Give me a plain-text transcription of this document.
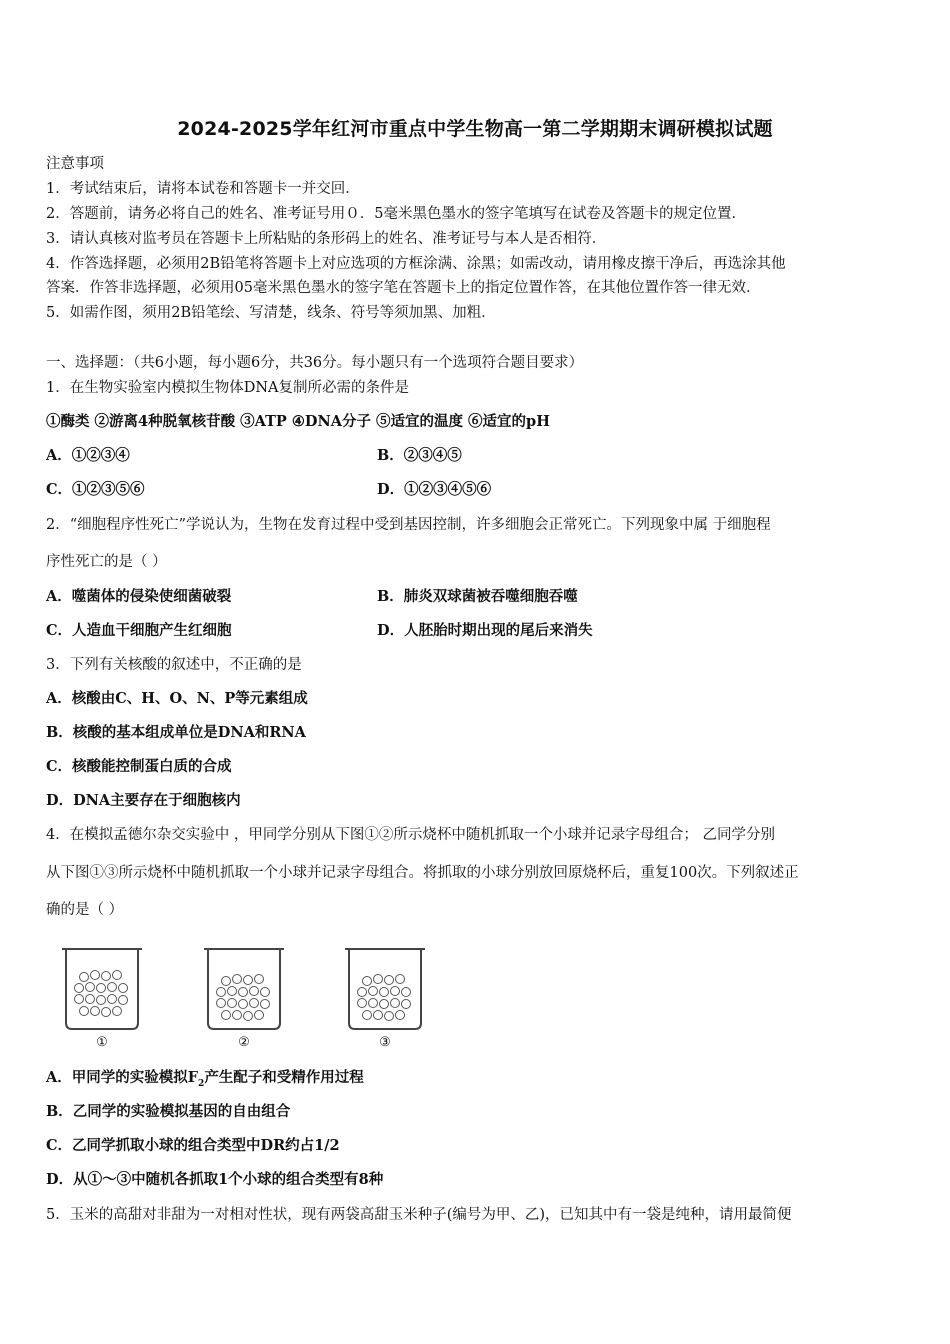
2024-2025学年红河市重点中学生物高一第二学期期末调研模拟试题
注意事项
1．考试结束后，请将本试卷和答题卡一并交回．
2．答题前，请务必将自己的姓名、准考证号用０．5毫米黑色墨水的签字笔填写在试卷及答题卡的规定位置．
3．请认真核对监考员在答题卡上所粘贴的条形码上的姓名、准考证号与本人是否相符．
4．作答选择题，必须用2B铅笔将答题卡上对应选项的方框涂满、涂黑；如需改动，请用橡皮擦干净后，再选涂其他
答案．作答非选择题，必须用05毫米黑色墨水的签字笔在答题卡上的指定位置作答，在其他位置作答一律无效．
5．如需作图，须用2B铅笔绘、写清楚，线条、符号等须加黑、加粗．
一、选择题：（共6小题，每小题6分，共36分。每小题只有一个选项符合题目要求）
1．在生物实验室内模拟生物体DNA复制所必需的条件是
①酶类 ②游离4种脱氧核苷酸 ③ATP ④DNA分子 ⑤适宜的温度 ⑥适宜的pH
A．①②③④	B．②③④⑤
C．①②③⑤⑥	D．①②③④⑤⑥
2．“细胞程序性死亡”学说认为，生物在发育过程中受到基因控制，许多细胞会正常死亡。下列现象中属 于细胞程
序性死亡的是（ ）
A．噬菌体的侵染使细菌破裂	B．肺炎双球菌被吞噬细胞吞噬
C．人造血干细胞产生红细胞	D．人胚胎时期出现的尾后来消失
3．下列有关核酸的叙述中，不正确的是
A．核酸由C、H、O、N、P等元素组成
B．核酸的基本组成单位是DNA和RNA
C．核酸能控制蛋白质的合成
D．DNA主要存在于细胞核内
4．在模拟孟德尔杂交实验中 ，甲同学分别从下图①②所示烧杯中随机抓取一个小球并记录字母组合； 乙同学分别
从下图①③所示烧杯中随机抓取一个小球并记录字母组合。将抓取的小球分别放回原烧杯后，重复100次。下列叙述正
确的是（ ）
①	②	③
A．甲同学的实验模拟$F_2$产生配子和受精作用过程
B．乙同学的实验模拟基因的自由组合
C．乙同学抓取小球的组合类型中DR约占1/2
D．从①～③中随机各抓取1个小球的组合类型有8种
5．玉米的高甜对非甜为一对相对性状，现有两袋高甜玉米种子(编号为甲、乙)，已知其中有一袋是纯种，请用最简便
